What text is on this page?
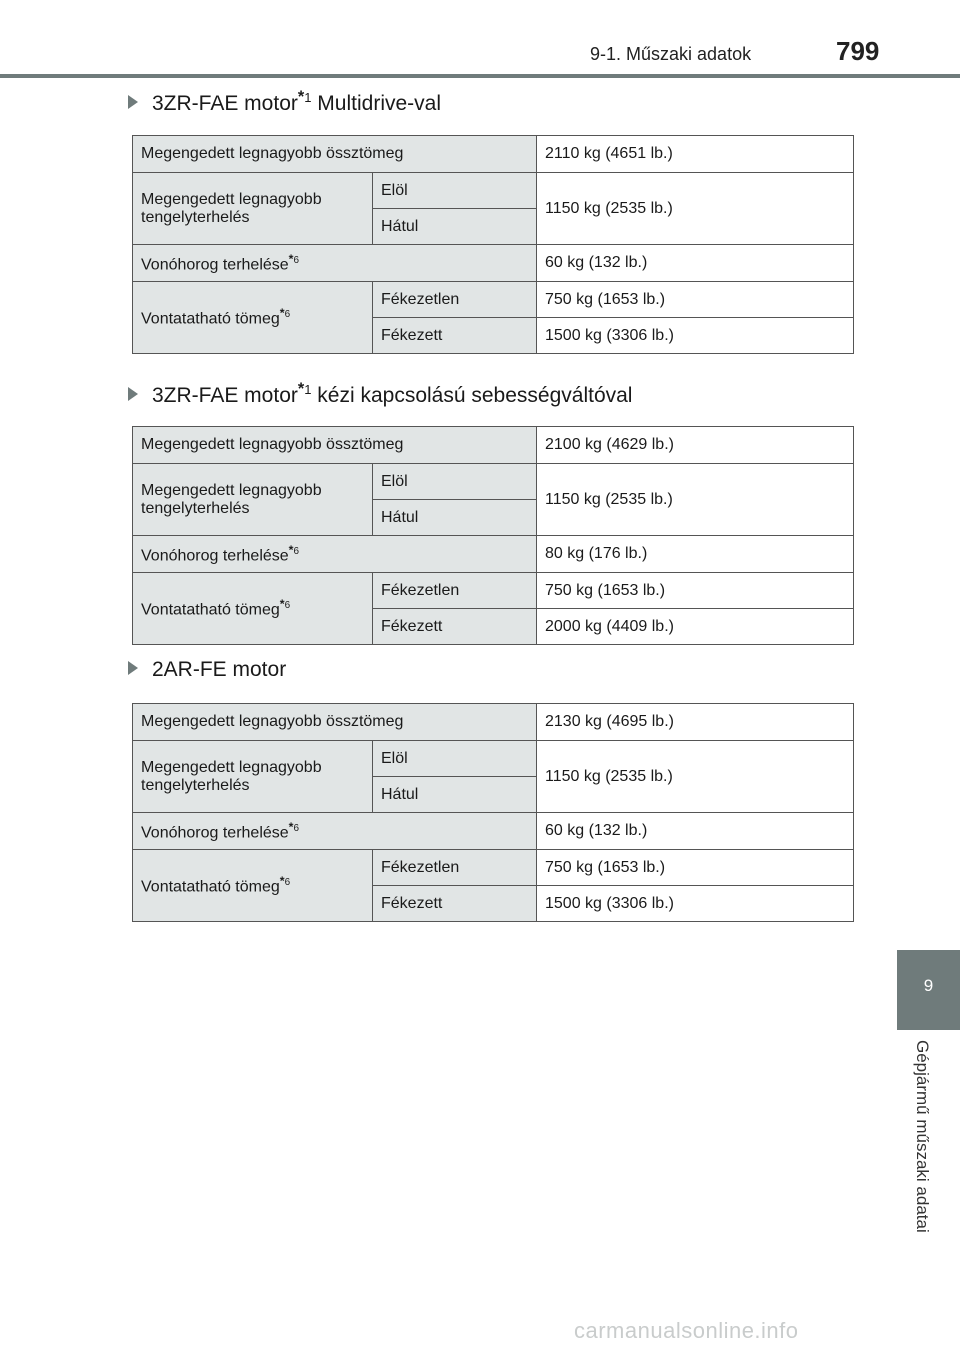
9-1. Műszaki adatok	799
3ZR-FAE motor$^{*1}$ Multidrive-val
Megengedett legnagyobb össztömeg		2110 kg (4651 lb.)
Megengedett legnagyobb tengelyterhelés	Elöl	1150 kg (2535 lb.)
	Hátul	
Vonóhorog terhelése$^{*6}$		60 kg (132 lb.)
Vontatatható tömeg$^{*6}$	Fékezetlen	750 kg (1653 lb.)
	Fékezett	1500 kg (3306 lb.)
3ZR-FAE motor$^{*1}$ kézi kapcsolású sebességváltóval
Megengedett legnagyobb össztömeg		2100 kg (4629 lb.)
Megengedett legnagyobb tengelyterhelés	Elöl	1150 kg (2535 lb.)
	Hátul	
Vonóhorog terhelése$^{*6}$		80 kg (176 lb.)
Vontatatható tömeg$^{*6}$	Fékezetlen	750 kg (1653 lb.)
	Fékezett	2000 kg (4409 lb.)
2AR-FE motor
Megengedett legnagyobb össztömeg		2130 kg (4695 lb.)
Megengedett legnagyobb tengelyterhelés	Elöl	1150 kg (2535 lb.)
	Hátul	
Vonóhorog terhelése$^{*6}$		60 kg (132 lb.)
Vontatatható tömeg$^{*6}$	Fékezetlen	750 kg (1653 lb.)
	Fékezett	1500 kg (3306 lb.)
9
Gépjármű műszaki adatai
carmanualsonline.info
